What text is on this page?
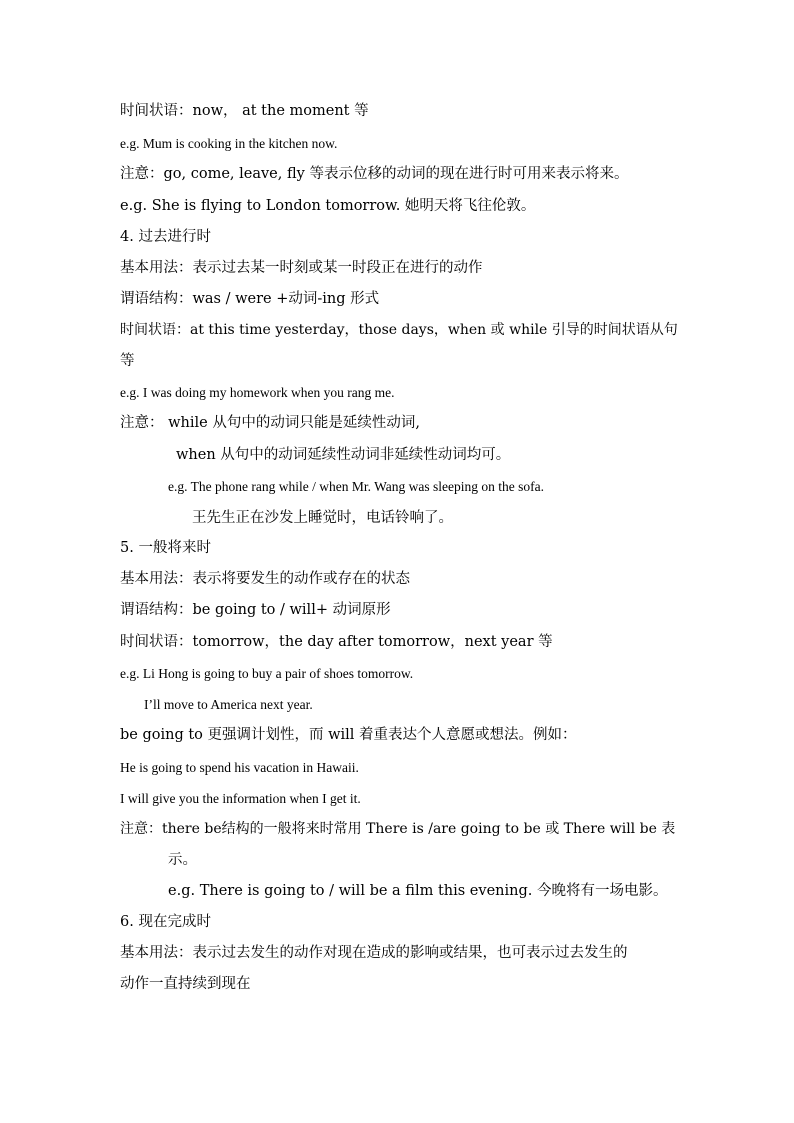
时间状语：now， at the moment 等
e.g. Mum is cooking in the kitchen now.
注意：go, come, leave, fly 等表示位移的动词的现在进行时可用来表示将来。
e.g. She is flying to London tomorrow. 她明天将飞往伦敦。
4. 过去进行时
基本用法：表示过去某一时刻或某一时段正在进行的动作
谓语结构：was / were +动词-ing 形式
时间状语：at this time yesterday，those days，when 或 while 引导的时间状语从句
等
e.g. I was doing my homework when you rang me.
注意： while 从句中的动词只能是延续性动词,
when 从句中的动词延续性动词非延续性动词均可。
e.g. The phone rang while / when Mr. Wang was sleeping on the sofa.
王先生正在沙发上睡觉时，电话铃响了。
5. 一般将来时
基本用法：表示将要发生的动作或存在的状态
谓语结构：be going to / will+ 动词原形
时间状语：tomorrow，the day after tomorrow，next year 等
e.g. Li Hong is going to buy a pair of shoes tomorrow.
I’ll move to America next year.
be going to 更强调计划性，而 will 着重表达个人意愿或想法。例如：
He is going to spend his vacation in Hawaii.
I will give you the information when I get it.
注意：there be结构的一般将来时常用 There is /are going to be 或 There will be 表
示。
e.g. There is going to / will be a film this evening. 今晚将有一场电影。
6. 现在完成时
基本用法：表示过去发生的动作对现在造成的影响或结果，也可表示过去发生的
动作一直持续到现在
